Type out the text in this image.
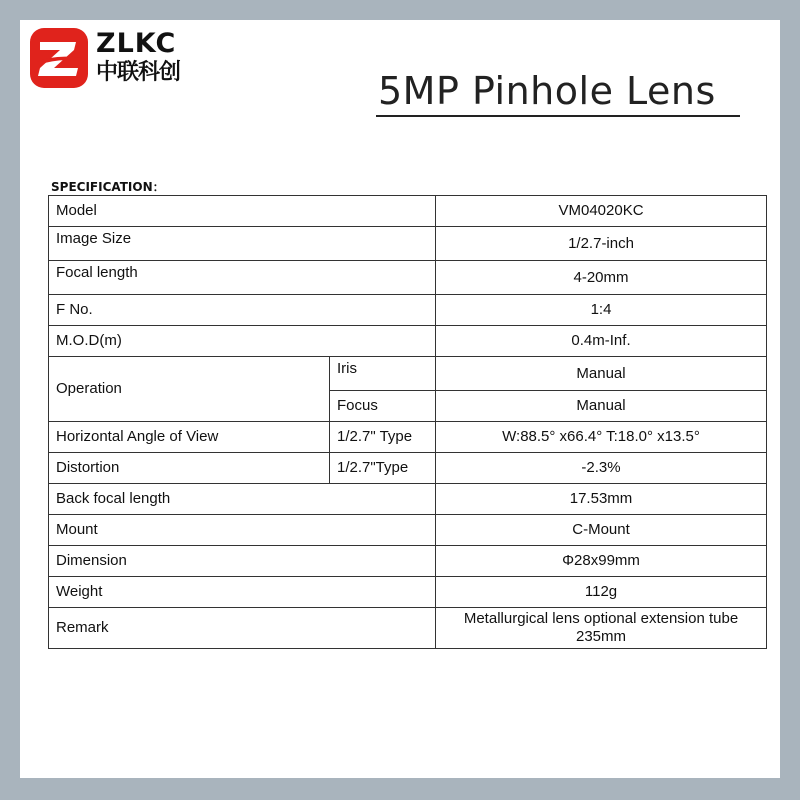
ZLKC
中联科创	5MP Pinhole Lens
SPECIFICATION：
Model		VM04020KC
Image Size		1/2.7-inch
Focal length		4-20mm
F No.		1:4
M.O.D(m)		0.4m-Inf.
Operation	Iris	Manual
	Focus	Manual
Horizontal Angle of View	1/2.7" Type	W:88.5° x66.4° T:18.0° x13.5°
Distortion	1/2.7"Type	-2.3%
Back focal length		17.53mm
Mount		C-Mount
Dimension		Φ28x99mm
Weight		112g
Remark		Metallurgical lens optional extension tube
235mm
